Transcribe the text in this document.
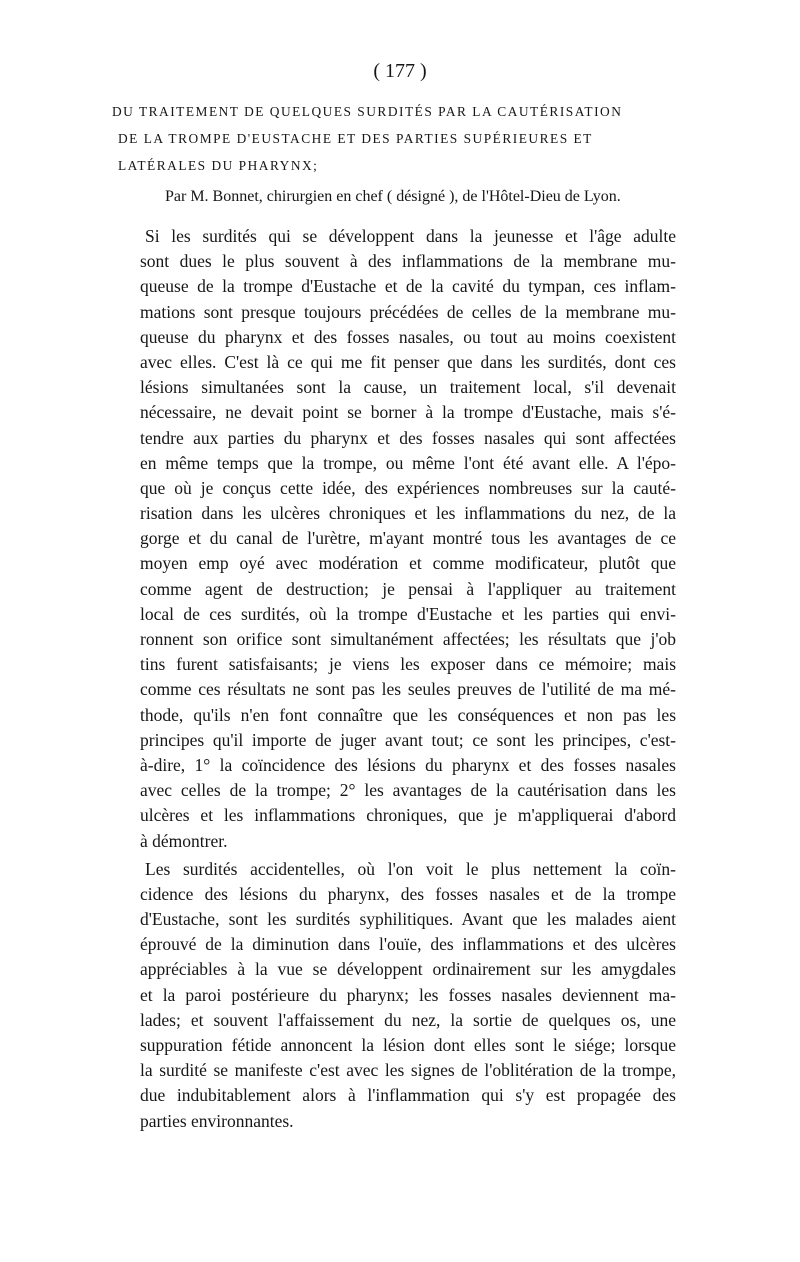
( 177 )
DU TRAITEMENT DE QUELQUES SURDITÉS PAR LA CAUTÉRISATION
DE LA TROMPE D'EUSTACHE ET DES PARTIES SUPÉRIEURES ET
LATÉRALES DU PHARYNX;
Par M. Bonnet, chirurgien en chef ( désigné ), de l'Hôtel-Dieu de Lyon.
Si les surdités qui se développent dans la jeunesse et l'âge adulte
sont dues le plus souvent à des inflammations de la membrane mu-
queuse de la trompe d'Eustache et de la cavité du tympan, ces inflam-
mations sont presque toujours précédées de celles de la membrane mu-
queuse du pharynx et des fosses nasales, ou tout au moins coexistent
avec elles. C'est là ce qui me fit penser que dans les surdités, dont ces
lésions simultanées sont la cause, un traitement local, s'il devenait
nécessaire, ne devait point se borner à la trompe d'Eustache, mais s'é-
tendre aux parties du pharynx et des fosses nasales qui sont affectées
en même temps que la trompe, ou même l'ont été avant elle. A l'épo-
que où je conçus cette idée, des expériences nombreuses sur la cauté-
risation dans les ulcères chroniques et les inflammations du nez, de la
gorge et du canal de l'urètre, m'ayant montré tous les avantages de ce
moyen emp oyé avec modération et comme modificateur, plutôt que
comme agent de destruction; je pensai à l'appliquer au traitement
local de ces surdités, où la trompe d'Eustache et les parties qui envi-
ronnent son orifice sont simultanément affectées; les résultats que j'ob
tins furent satisfaisants; je viens les exposer dans ce mémoire; mais
comme ces résultats ne sont pas les seules preuves de l'utilité de ma mé-
thode, qu'ils n'en font connaître que les conséquences et non pas les
principes qu'il importe de juger avant tout; ce sont les principes, c'est-
à-dire, 1° la coïncidence des lésions du pharynx et des fosses nasales
avec celles de la trompe; 2° les avantages de la cautérisation dans les
ulcères et les inflammations chroniques, que je m'appliquerai d'abord
à démontrer.
Les surdités accidentelles, où l'on voit le plus nettement la coïn-
cidence des lésions du pharynx, des fosses nasales et de la trompe
d'Eustache, sont les surdités syphilitiques. Avant que les malades aient
éprouvé de la diminution dans l'ouïe, des inflammations et des ulcères
appréciables à la vue se développent ordinairement sur les amygdales
et la paroi postérieure du pharynx; les fosses nasales deviennent ma-
lades; et souvent l'affaissement du nez, la sortie de quelques os, une
suppuration fétide annoncent la lésion dont elles sont le siége; lorsque
la surdité se manifeste c'est avec les signes de l'oblitération de la trompe,
due indubitablement alors à l'inflammation qui s'y est propagée des
parties environnantes.
